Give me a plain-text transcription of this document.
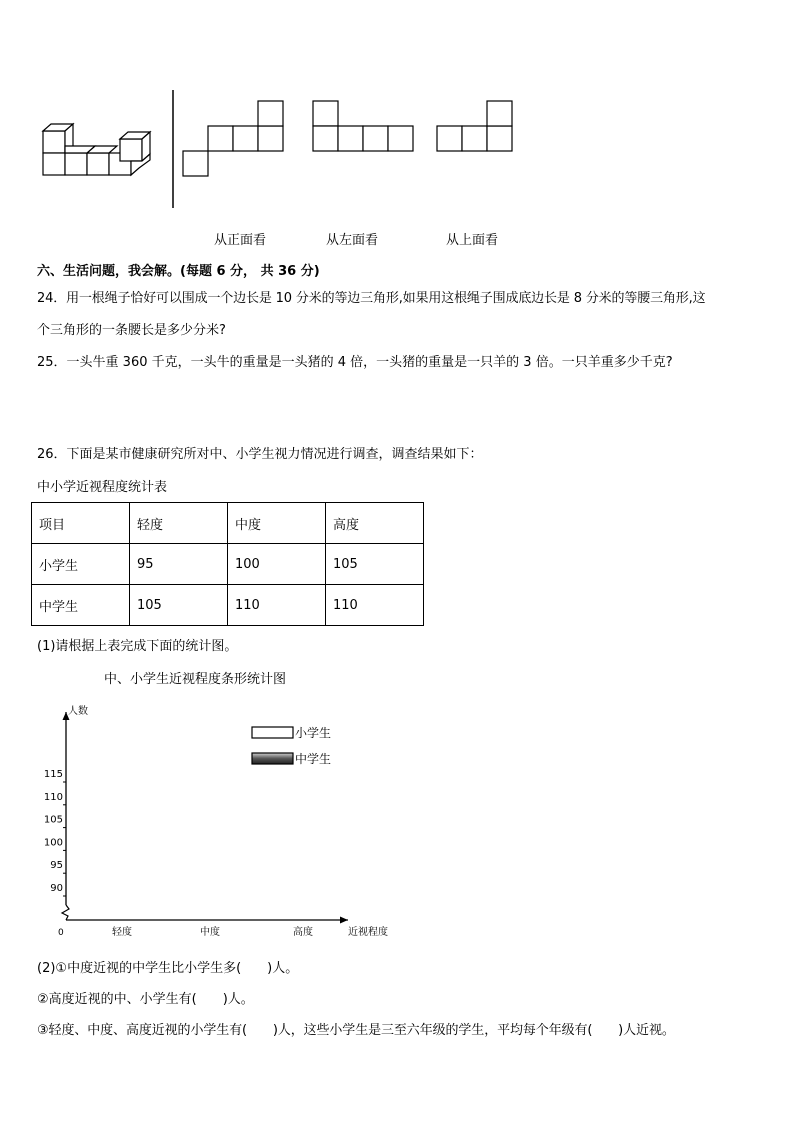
从正面看	从左面看	从上面看
六、生活问题，我会解。(每题 6 分， 共 36 分)
24．用一根绳子恰好可以围成一个边长是 10 分米的等边三角形,如果用这根绳子围成底边长是 8 分米的等腰三角形,这
个三角形的一条腰长是多少分米?
25．一头牛重 360 千克，一头牛的重量是一头猪的 4 倍，一头猪的重量是一只羊的 3 倍。一只羊重多少千克?
26．下面是某市健康研究所对中、小学生视力情况进行调查，调查结果如下：
中小学近视程度统计表
项目	轻度	中度	高度
小学生	95	100	105
中学生	105	110	110
(1)请根据上表完成下面的统计图。
中、小学生近视程度条形统计图
人数
0
90
95
100
105
110
115
轻度	中度	高度	近视程度
小学生
中学生
(2)①中度近视的中学生比小学生多(　　)人。
②高度近视的中、小学生有(　　)人。
③轻度、中度、高度近视的小学生有(　　)人，这些小学生是三至六年级的学生，平均每个年级有(　　)人近视。
